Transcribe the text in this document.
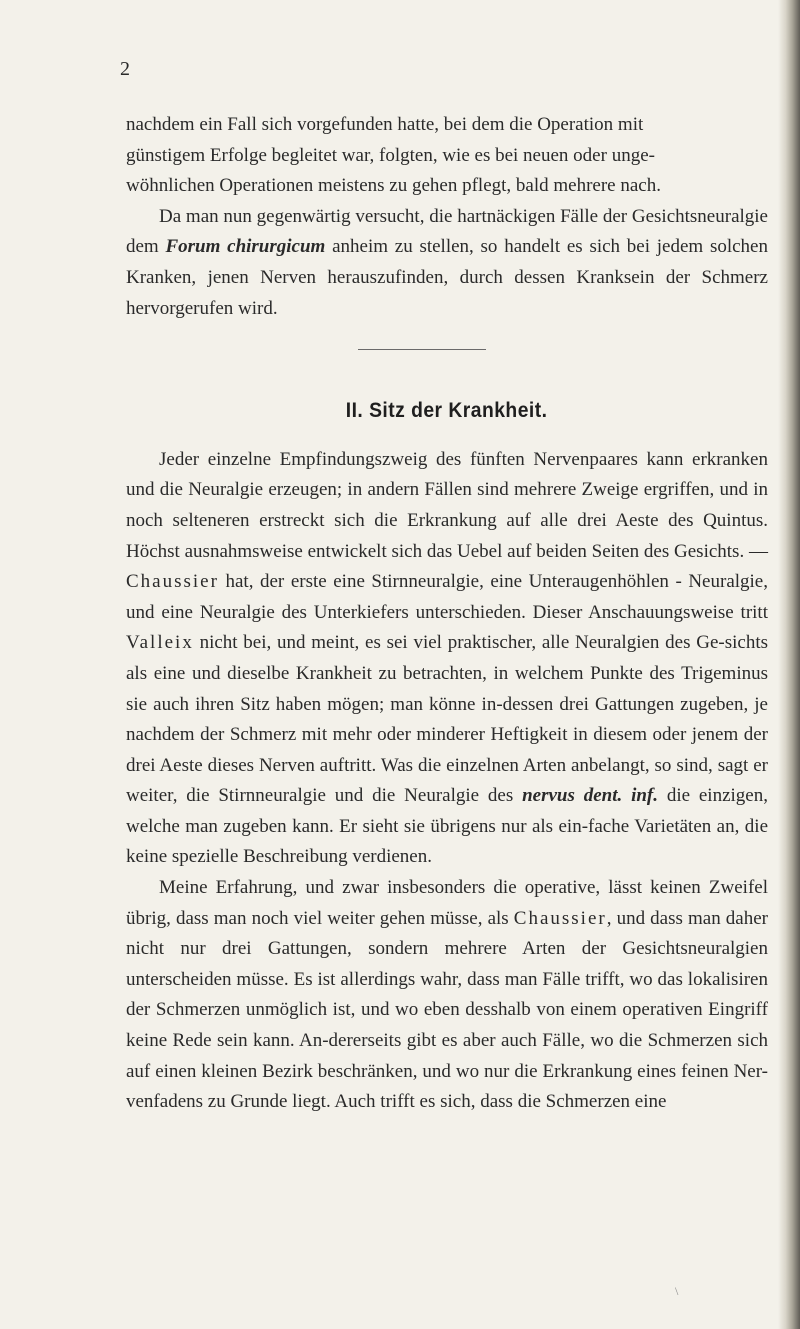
2

nachdem ein Fall sich vorgefunden hatte, bei dem die Operation mit
günstigem Erfolge begleitet war, folgten, wie es bei neuen oder unge-
wöhnlichen Operationen meistens zu gehen pflegt, bald mehrere nach.

Da man nun gegenwärtig versucht, die hartnäckigen Fälle der Gesichtsneuralgie dem Forum chirurgicum anheim zu stellen, so handelt es sich bei jedem solchen Kranken, jenen Nerven herauszufinden, durch dessen Kranksein der Schmerz hervorgerufen wird.

II. Sitz der Krankheit.

Jeder einzelne Empfindungszweig des fünften Nervenpaares kann erkranken und die Neuralgie erzeugen; in andern Fällen sind mehrere Zweige ergriffen, und in noch selteneren erstreckt sich die Erkrankung auf alle drei Aeste des Quintus. Höchst ausnahmsweise entwickelt sich das Uebel auf beiden Seiten des Gesichts. — Chaussier hat, der erste eine Stirnneuralgie, eine Unteraugenhöhlen - Neuralgie, und eine Neuralgie des Unterkiefers unterschieden. Dieser Anschauungsweise tritt Valleix nicht bei, und meint, es sei viel praktischer, alle Neuralgien des Ge-sichts als eine und dieselbe Krankheit zu betrachten, in welchem Punkte des Trigeminus sie auch ihren Sitz haben mögen; man könne in-dessen drei Gattungen zugeben, je nachdem der Schmerz mit mehr oder minderer Heftigkeit in diesem oder jenem der drei Aeste dieses Nerven auftritt. Was die einzelnen Arten anbelangt, so sind, sagt er weiter, die Stirnneuralgie und die Neuralgie des nervus dent. inf. die einzigen, welche man zugeben kann. Er sieht sie übrigens nur als ein-fache Varietäten an, die keine spezielle Beschreibung verdienen.

Meine Erfahrung, und zwar insbesonders die operative, lässt keinen Zweifel übrig, dass man noch viel weiter gehen müsse, als Chaussier, und dass man daher nicht nur drei Gattungen, sondern mehrere Arten der Gesichtsneuralgien unterscheiden müsse. Es ist allerdings wahr, dass man Fälle trifft, wo das lokalisiren der Schmerzen unmöglich ist, und wo eben desshalb von einem operativen Eingriff keine Rede sein kann. An-dererseits gibt es aber auch Fälle, wo die Schmerzen sich auf einen kleinen Bezirk beschränken, und wo nur die Erkrankung eines feinen Ner-venfadens zu Grunde liegt. Auch trifft es sich, dass die Schmerzen eine

\
